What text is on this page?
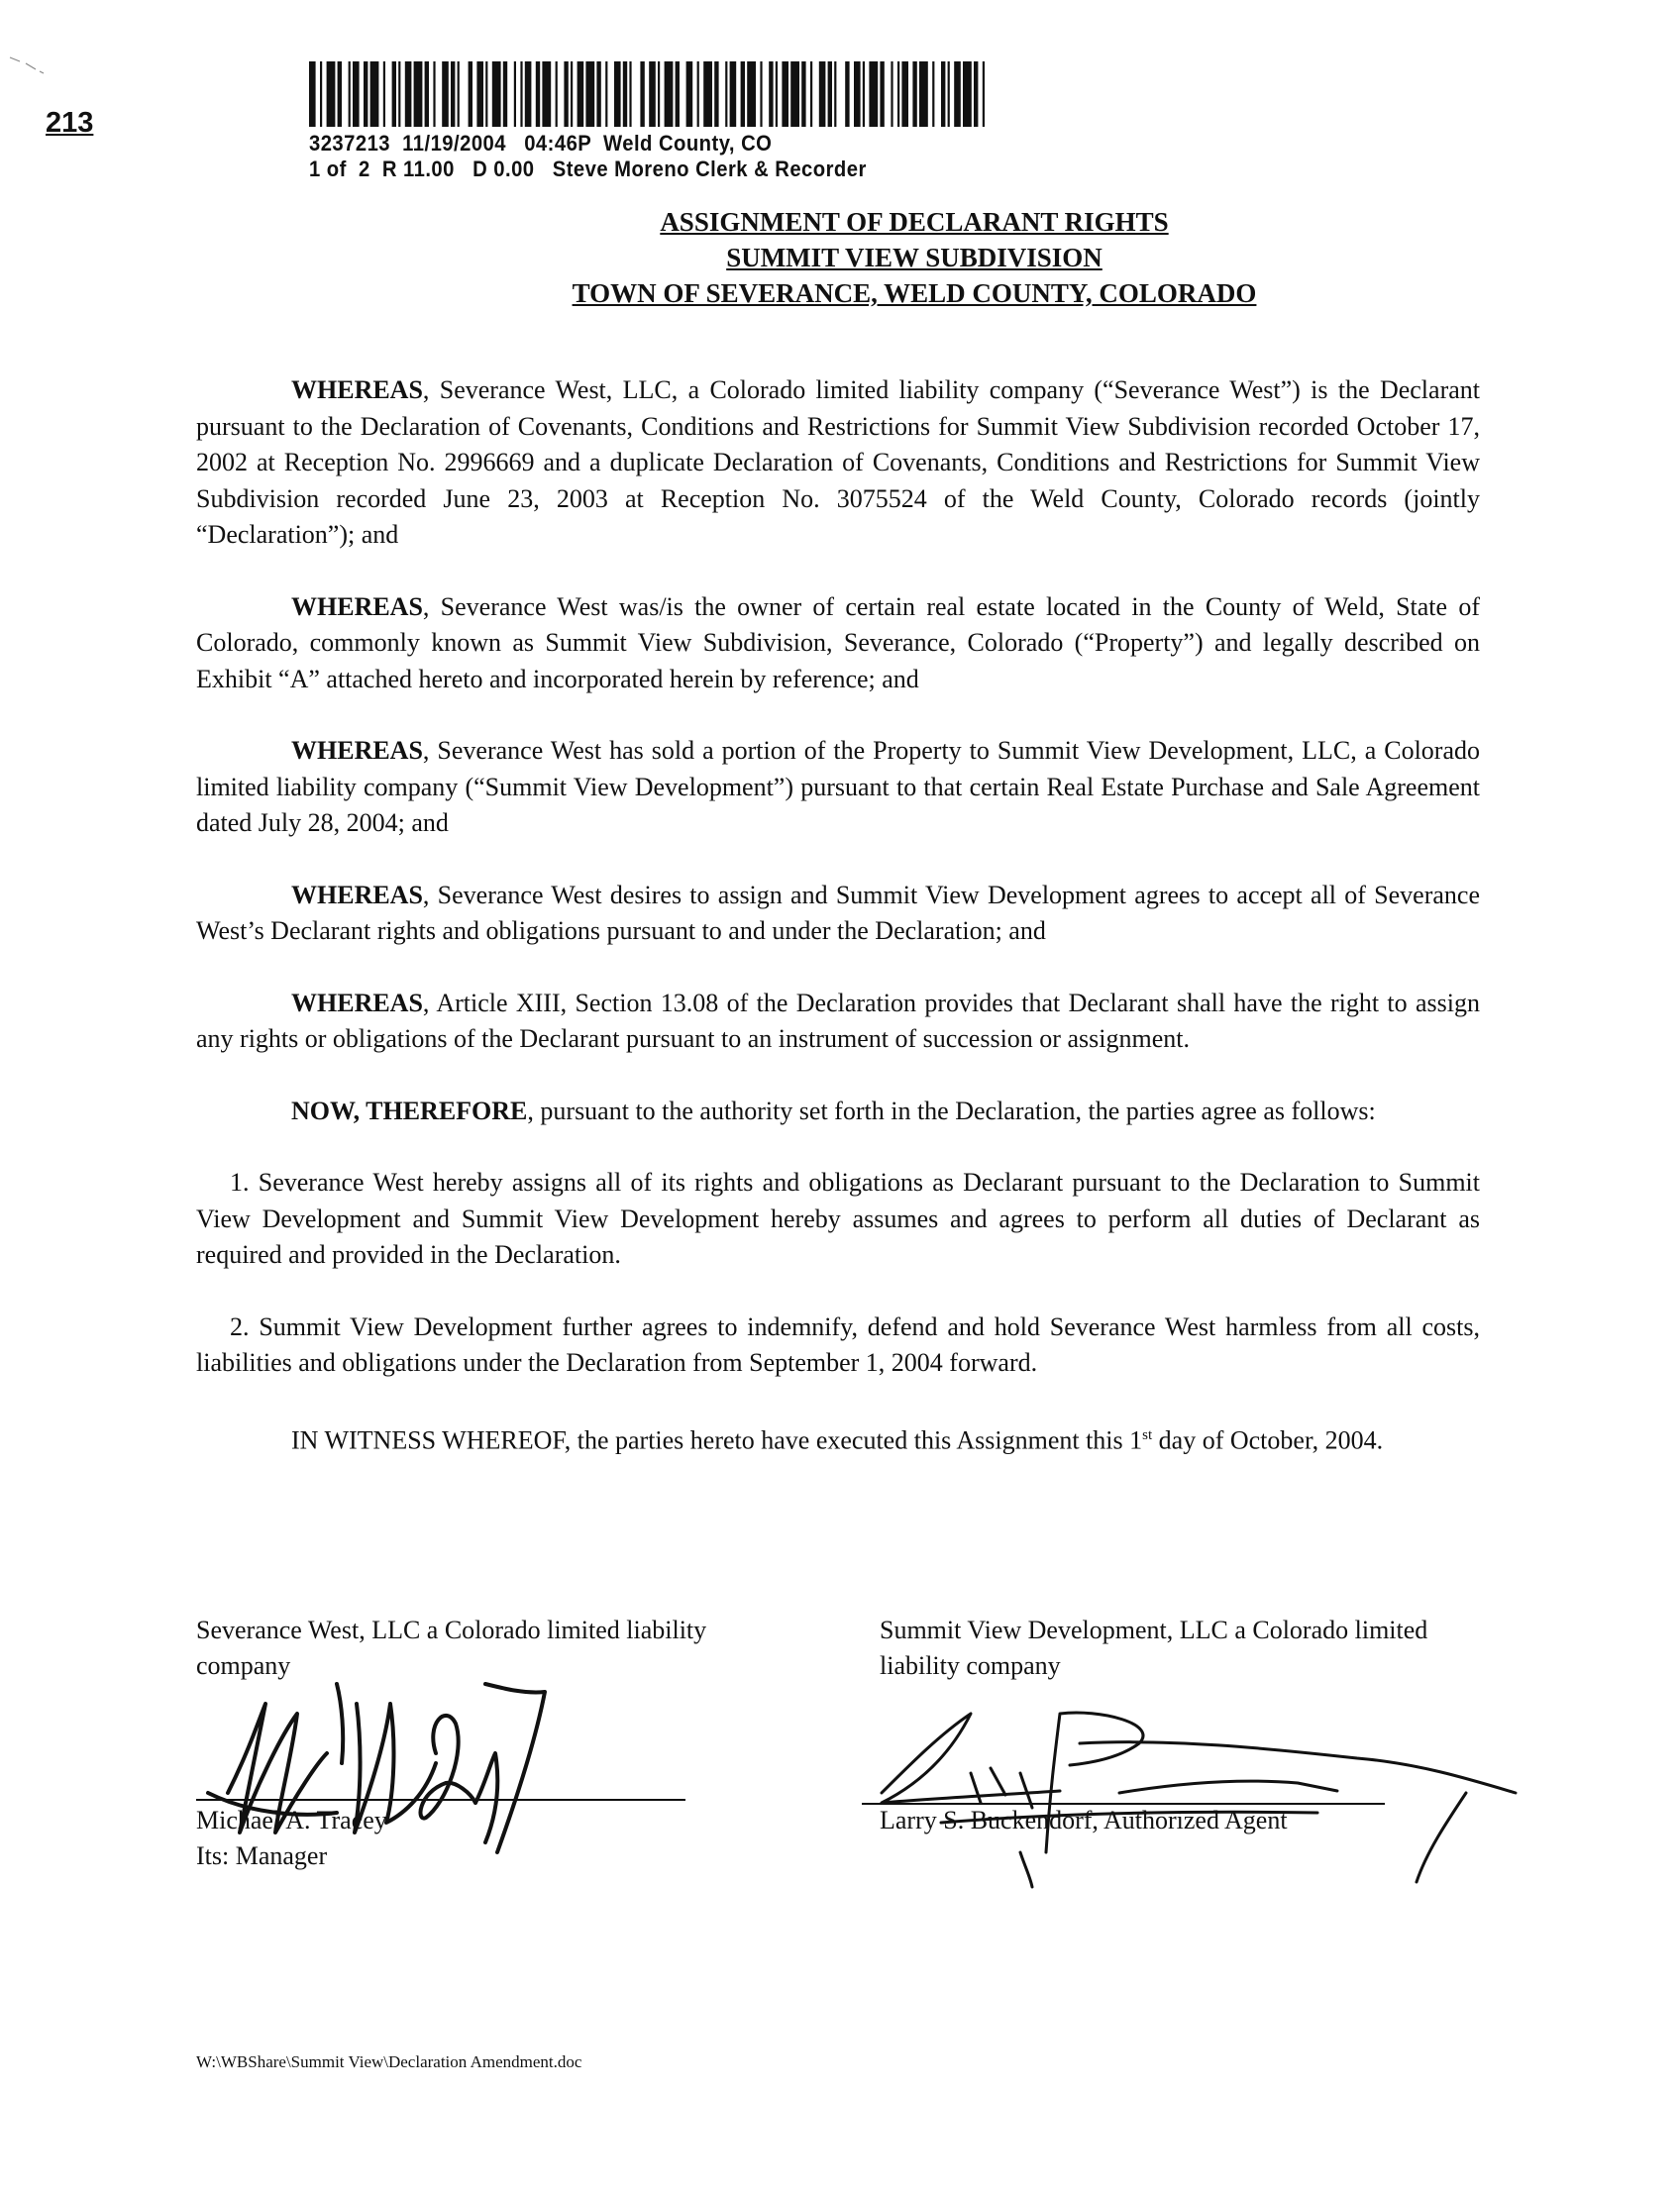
213
3237213  11/19/2004   04:46P  Weld County, CO
1 of  2  R 11.00   D 0.00   Steve Moreno Clerk & Recorder
ASSIGNMENT OF DECLARANT RIGHTS
SUMMIT VIEW SUBDIVISION
TOWN OF SEVERANCE, WELD COUNTY, COLORADO

WHEREAS, Severance West, LLC, a Colorado limited liability company (“Severance West”) is the Declarant pursuant to the Declaration of Covenants, Conditions and Restrictions for Summit View Subdivision recorded October 17, 2002 at Reception No. 2996669 and a duplicate Declaration of Covenants, Conditions and Restrictions for Summit View Subdivision recorded June 23, 2003 at Reception No. 3075524 of the Weld County, Colorado records (jointly “Declaration”); and

WHEREAS, Severance West was/is the owner of certain real estate located in the County of Weld, State of Colorado, commonly known as Summit View Subdivision, Severance, Colorado (“Property”) and legally described on Exhibit “A” attached hereto and incorporated herein by reference; and

WHEREAS, Severance West has sold a portion of the Property to Summit View Development, LLC, a Colorado limited liability company (“Summit View Development”) pursuant to that certain Real Estate Purchase and Sale Agreement dated July 28, 2004; and

WHEREAS, Severance West desires to assign and Summit View Development agrees to accept all of Severance West’s Declarant rights and obligations pursuant to and under the Declaration; and

WHEREAS, Article XIII, Section 13.08 of the Declaration provides that Declarant shall have the right to assign any rights or obligations of the Declarant pursuant to an instrument of succession or assignment.

NOW, THEREFORE, pursuant to the authority set forth in the Declaration, the parties agree as follows:

1. Severance West hereby assigns all of its rights and obligations as Declarant pursuant to the Declaration to Summit View Development and Summit View Development hereby assumes and agrees to perform all duties of Declarant as required and provided in the Declaration.

2. Summit View Development further agrees to indemnify, defend and hold Severance West harmless from all costs, liabilities and obligations under the Declaration from September 1, 2004 forward.

IN WITNESS WHEREOF, the parties hereto have executed this Assignment this 1st day of October, 2004.

Severance West, LLC a Colorado limited liability company
Michael A. Tracey
Its: Manager
Summit View Development, LLC a Colorado limited liability company
Larry S. Buckendorf, Authorized Agent
W:\WBShare\Summit View\Declaration Amendment.doc
